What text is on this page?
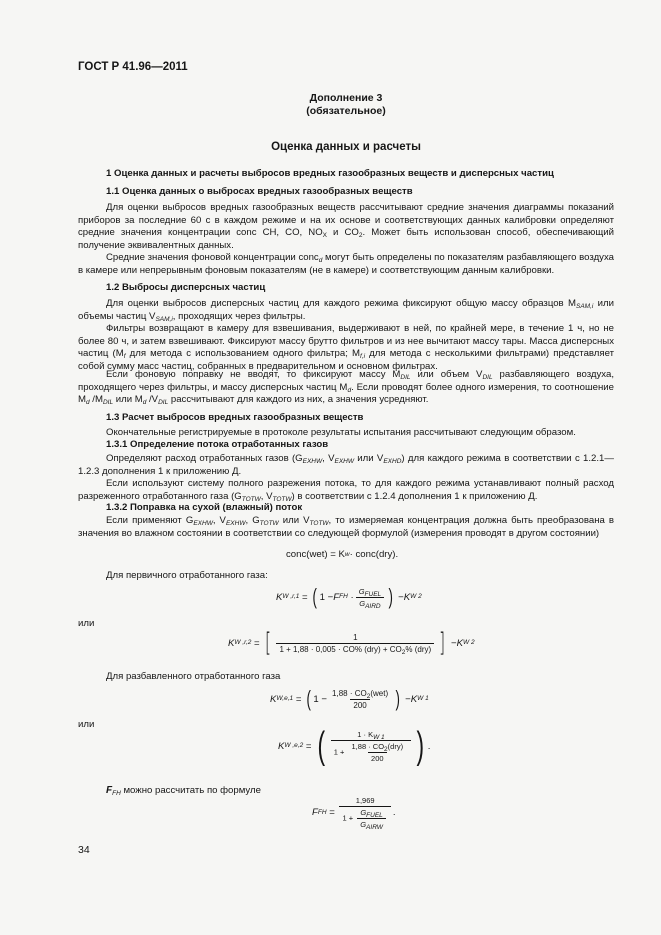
ГОСТ Р 41.96—2011
Дополнение 3
(обязательное)
Оценка данных и расчеты
1 Оценка данных и расчеты выбросов вредных газообразных веществ и дисперсных частиц
1.1 Оценка данных о выбросах вредных газообразных веществ

Для оценки выбросов вредных газообразных веществ рассчитывают средние значения диаграммы показаний приборов за последние 60 с в каждом режиме и на их основе и соответствующих данных калибровки определяют средние значения концентрации conc CH, CO, $NO_X$ и $CO_2$. Может быть использован способ, обеспечивающий получение эквивалентных данных.

Средние значения фоновой концентрации conc$_d$ могут быть определены по показателям разбавляющего воздуха в камере или непрерывным фоновым показателям (не в камере) и соответствующим данным калибровки.

1.2 Выбросы дисперсных частиц

Для оценки выбросов дисперсных частиц для каждого режима фиксируют общую массу образцов $M_{SAM,i}$ или объемы частиц $V_{SAM,i}$, проходящих через фильтры.

Фильтры возвращают в камеру для взвешивания, выдерживают в ней, по крайней мере, в течение 1 ч, но не более 80 ч, и затем взвешивают. Фиксируют массу брутто фильтров и из нее вычитают массу тары. Масса дисперсных частиц ($M_f$ для метода с использованием одного фильтра; $M_{f,i}$ для метода с несколькими фильтрами) представляет собой сумму масс частиц, собранных в предварительном и основном фильтрах.

Если фоновую поправку не вводят, то фиксируют массу $M_{DIL}$ или объем $V_{DIL}$ разбавляющего воздуха, проходящего через фильтры, и массу дисперсных частиц $M_d$. Если проводят более одного измерения, то соотношение $M_d$ $/M_{DIL}$ или $M_d$ $/V_{DIL}$ рассчитывают для каждого из них, а значения усредняют.

1.3 Расчет выбросов вредных газообразных веществ

Окончательные регистрируемые в протоколе результаты испытания рассчитывают следующим образом.

1.3.1 Определение потока отработанных газов

Определяют расход отработанных газов ($G_{EXHW}$, $V_{EXHW}$ или $V_{EXHD}$) для каждого режима в соответствии с 1.2.1—1.2.3 дополнения 1 к приложению Д.

Если используют систему полного разрежения потока, то для каждого режима устанавливают полный расход разреженного отработанного газа ($G_{TOTW}$, $V_{TOTW}$) в соответствии с 1.2.4 дополнения 1 к приложению Д.

1.3.2 Поправка на сухой (влажный) поток

Если применяют $G_{EXHW}$, $V_{EXHW}$, $G_{TOTW}$ или $V_{TOTW}$, то измеряемая концентрация должна быть преобразована в значения во влажном состоянии в соответствии со следующей формулой (измерения проводят в другом состоянии)

conc(wet) = K w · conc(dry).
Для первичного отработанного газа:
K W ,r,1 = ( 1 − F FH · $\frac{G_{FUEL}}{G_{AIRD}}$ ) − K W 2
или
K W ,r,2 = [ $\frac{1}{1 + 1,88 \cdot 0,005 \cdot CO\% (dry) + CO_2\% (dry)}$ ] − K W 2
Для разбавленного отработанного газа
K W,e,1 = ( $1 - \frac{1,88 \cdot CO_2(wet)}{200}$ ) − K W 1
или
K W ,e,2 = ( $\frac{1 \cdot K_{W 1}}{1 + \frac{1,88 \cdot CO_2(dry)}{200}}$ ) .
$F_{FH}$ можно рассчитать по формуле
F FH = $\frac{1,969}{1 + \frac{G_{FUEL}}{G_{AIRW}}}$ .
34
